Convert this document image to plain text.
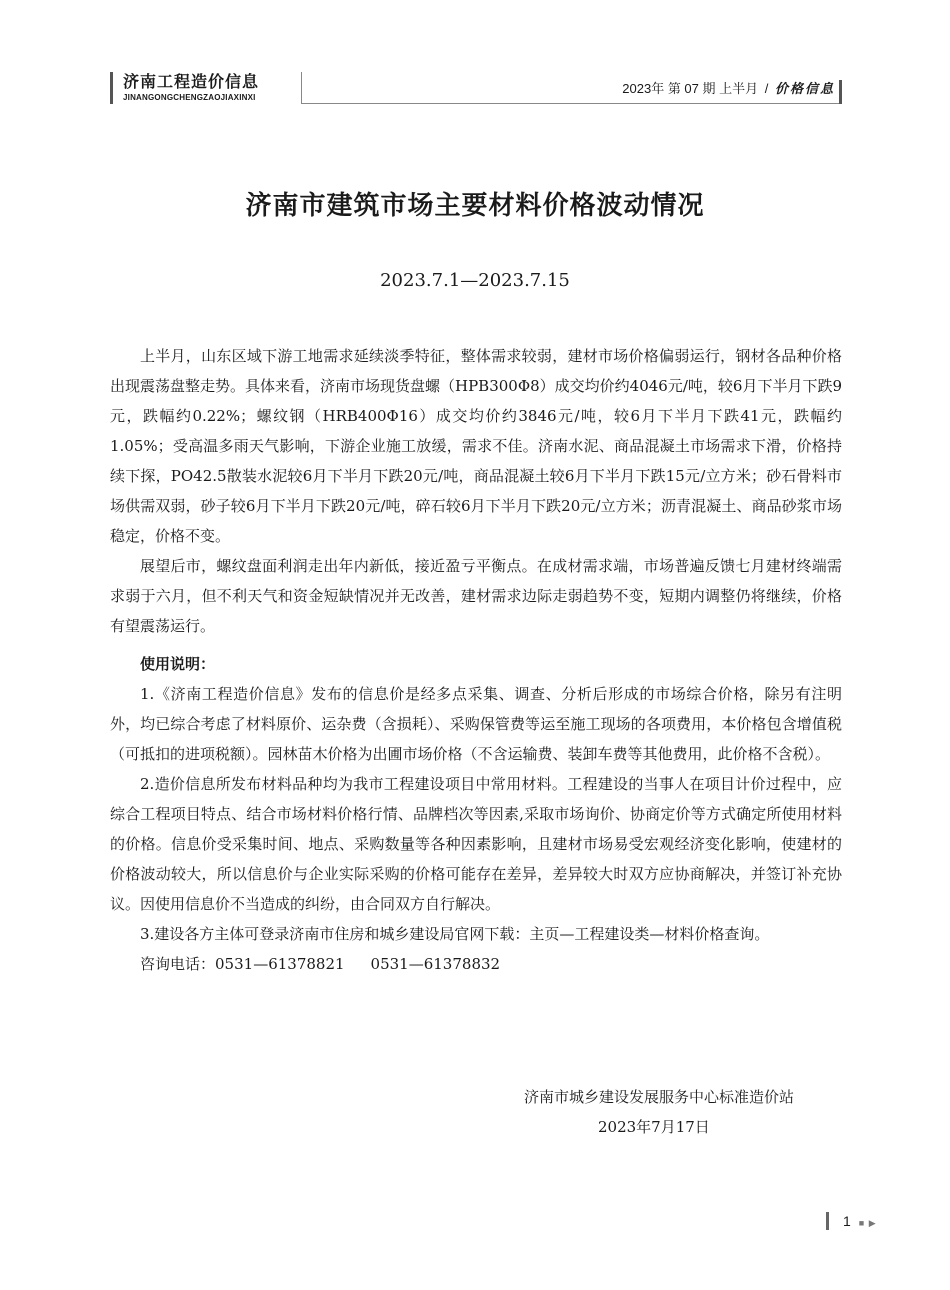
济南工程造价信息
JINANGONGCHENGZAOJIAXINXI
2023年 第 07 期 上半月 / 价格信息
济南市建筑市场主要材料价格波动情况
2023.7.1—2023.7.15

上半月，山东区域下游工地需求延续淡季特征，整体需求较弱，建材市场价格偏弱运行，钢材各品种价格出现震荡盘整走势。具体来看，济南市场现货盘螺（HPB300Φ8）成交均价约4046元/吨，较6月下半月下跌9元，跌幅约0.22%；螺纹钢（HRB400Φ16）成交均价约3846元/吨，较6月下半月下跌41元，跌幅约1.05%；受高温多雨天气影响，下游企业施工放缓，需求不佳。济南水泥、商品混凝土市场需求下滑，价格持续下探，PO42.5散装水泥较6月下半月下跌20元/吨，商品混凝土较6月下半月下跌15元/立方米；砂石骨料市场供需双弱，砂子较6月下半月下跌20元/吨，碎石较6月下半月下跌20元/立方米；沥青混凝土、商品砂浆市场稳定，价格不变。

展望后市，螺纹盘面利润走出年内新低，接近盈亏平衡点。在成材需求端，市场普遍反馈七月建材终端需求弱于六月，但不利天气和资金短缺情况并无改善，建材需求边际走弱趋势不变，短期内调整仍将继续，价格有望震荡运行。

使用说明：

1.《济南工程造价信息》发布的信息价是经多点采集、调查、分析后形成的市场综合价格，除另有注明外，均已综合考虑了材料原价、运杂费（含损耗）、采购保管费等运至施工现场的各项费用，本价格包含增值税（可抵扣的进项税额）。园林苗木价格为出圃市场价格（不含运输费、装卸车费等其他费用，此价格不含税）。

2.造价信息所发布材料品种均为我市工程建设项目中常用材料。工程建设的当事人在项目计价过程中，应综合工程项目特点、结合市场材料价格行情、品牌档次等因素,采取市场询价、协商定价等方式确定所使用材料的价格。信息价受采集时间、地点、采购数量等各种因素影响，且建材市场易受宏观经济变化影响，使建材的价格波动较大，所以信息价与企业实际采购的价格可能存在差异，差异较大时双方应协商解决，并签订补充协议。因使用信息价不当造成的纠纷，由合同双方自行解决。

3.建设各方主体可登录济南市住房和城乡建设局官网下载：主页—工程建设类—材料价格查询。

咨询电话：0531—61378821 0531—61378832

济南市城乡建设发展服务中心标准造价站
2023年7月17日
1 ■ ▶
